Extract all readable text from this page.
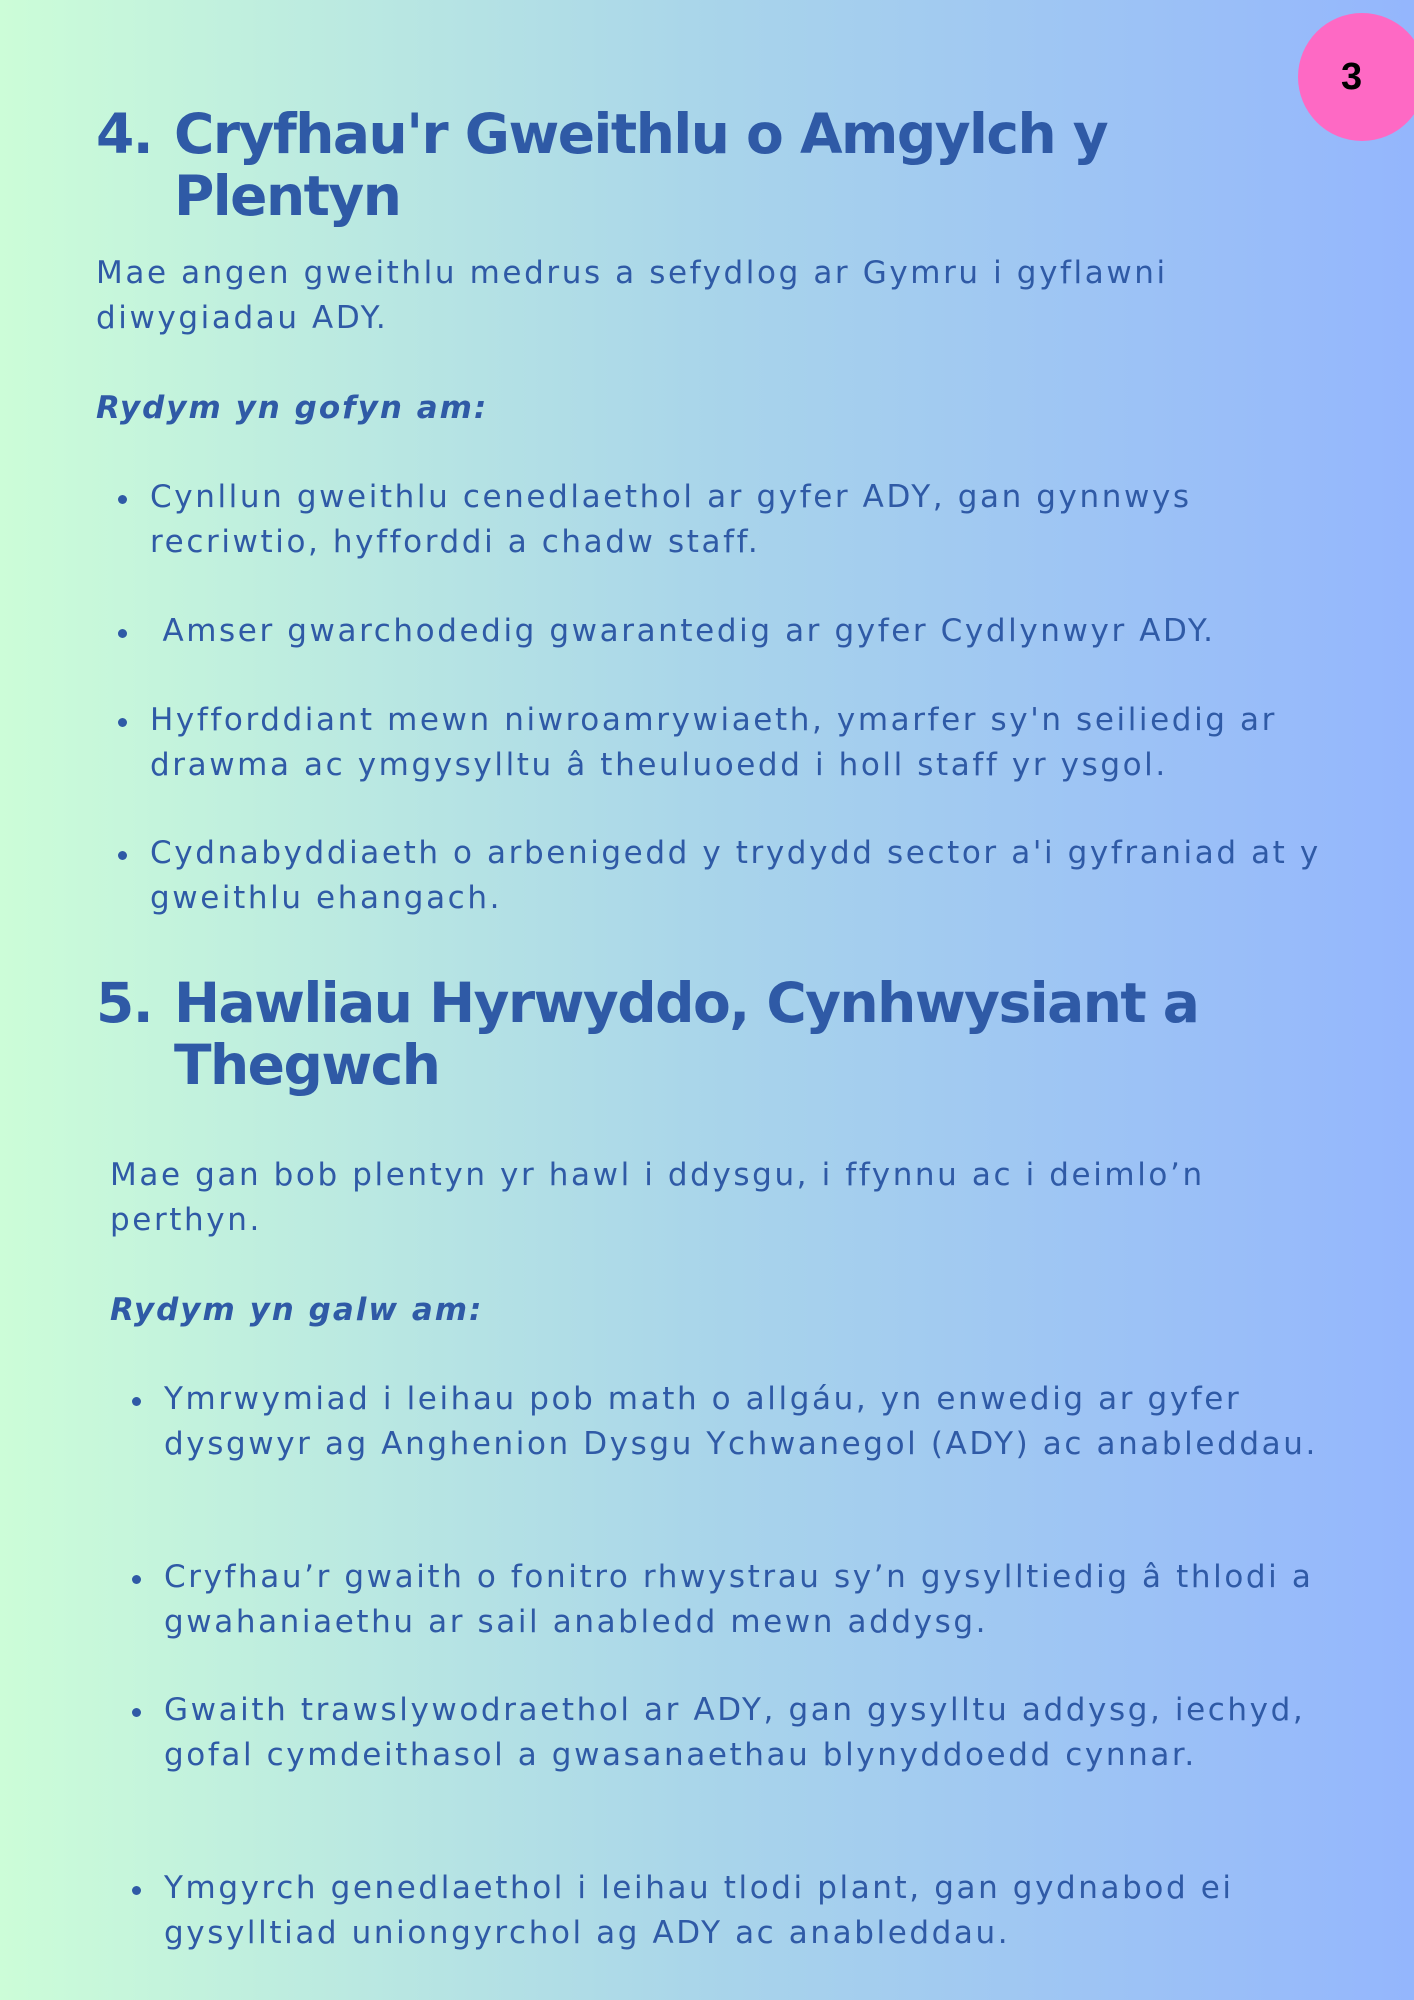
3
4. Cryfhau'r Gweithlu o Amgylch y Plentyn

Mae angen gweithlu medrus a sefydlog ar Gymru i gyflawni diwygiadau ADY.

Rydym yn gofyn am:

Cynllun gweithlu cenedlaethol ar gyfer ADY, gan gynnwys recriwtio, hyfforddi a chadw staff.
Amser gwarchodedig gwarantedig ar gyfer Cydlynwyr ADY.
Hyfforddiant mewn niwroamrywiaeth, ymarfer sy'n seiliedig ar drawma ac ymgysylltu â theuluoedd i holl staff yr ysgol.
Cydnabyddiaeth o arbenigedd y trydydd sector a'i gyfraniad at y gweithlu ehangach.
5. Hawliau Hyrwyddo, Cynhwysiant a Thegwch

Mae gan bob plentyn yr hawl i ddysgu, i ffynnu ac i deimlo’n perthyn.

Rydym yn galw am:

Ymrwymiad i leihau pob math o allgáu, yn enwedig ar gyfer dysgwyr ag Anghenion Dysgu Ychwanegol (ADY) ac anableddau.
Cryfhau’r gwaith o fonitro rhwystrau sy’n gysylltiedig â thlodi a gwahaniaethu ar sail anabledd mewn addysg.
Gwaith trawslywodraethol ar ADY, gan gysylltu addysg, iechyd, gofal cymdeithasol a gwasanaethau blynyddoedd cynnar.
Ymgyrch genedlaethol i leihau tlodi plant, gan gydnabod ei gysylltiad uniongyrchol ag ADY ac anableddau.
